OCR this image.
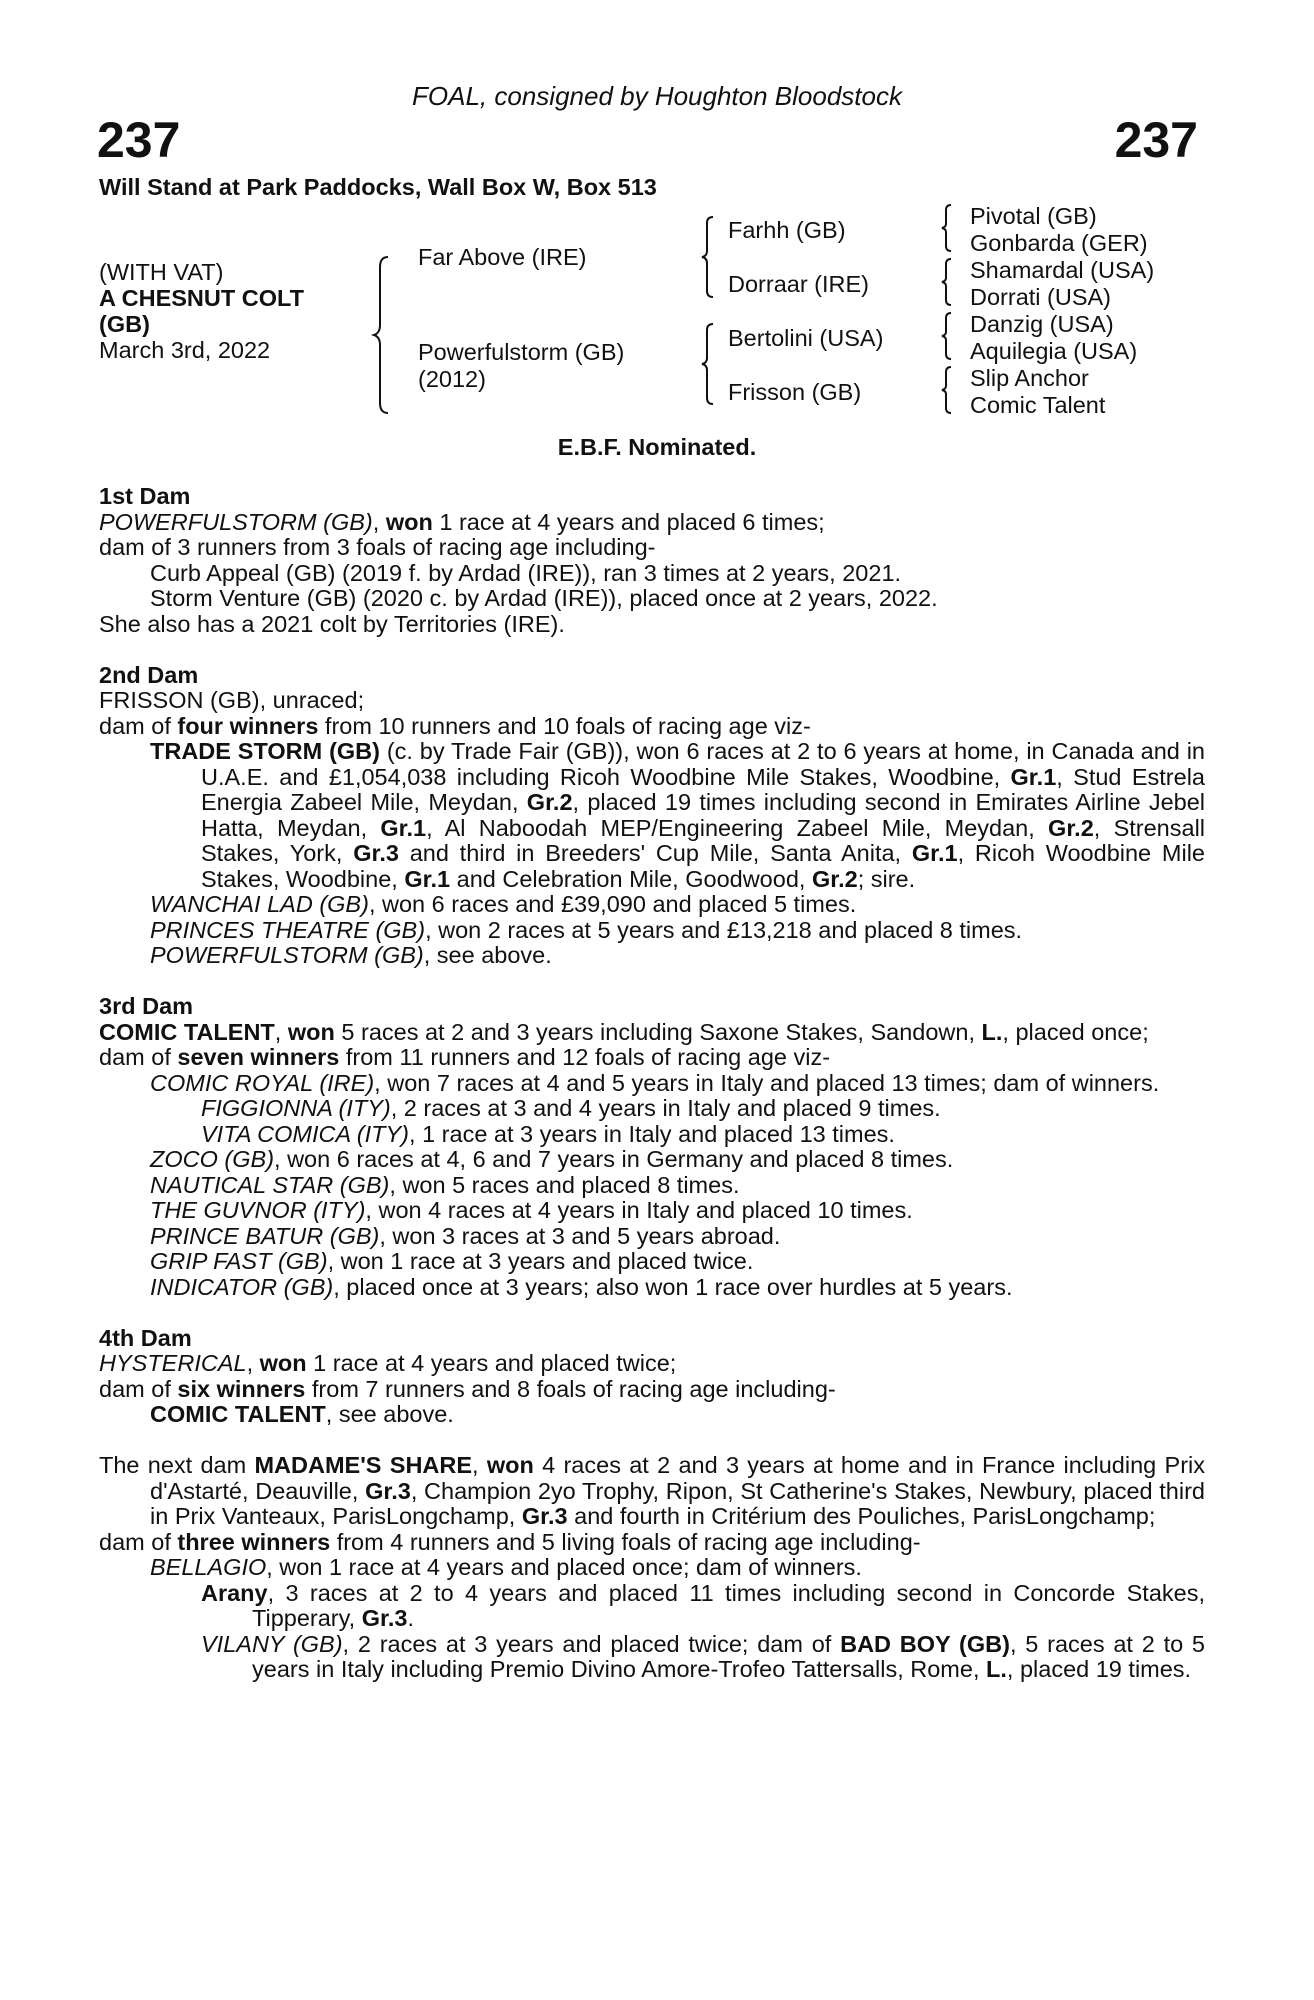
FOAL, consigned by Houghton Bloodstock
237	237
Will Stand at Park Paddocks, Wall Box W, Box 513
(WITH VAT)
A CHESNUT COLT
(GB)
March 3rd, 2022
Far Above (IRE)
Powerfulstorm (GB)
(2012)
Farhh (GB)
Dorraar (IRE)
Bertolini (USA)
Frisson (GB)
Pivotal (GB)
Gonbarda (GER)
Shamardal (USA)
Dorrati (USA)
Danzig (USA)
Aquilegia (USA)
Slip Anchor
Comic Talent
E.B.F. Nominated.

1st Dam

POWERFULSTORM (GB), won 1 race at 4 years and placed 6 times;

dam of 3 runners from 3 foals of racing age including-

Curb Appeal (GB) (2019 f. by Ardad (IRE)), ran 3 times at 2 years, 2021.

Storm Venture (GB) (2020 c. by Ardad (IRE)), placed once at 2 years, 2022.

She also has a 2021 colt by Territories (IRE).

2nd Dam

FRISSON (GB), unraced;

dam of four winners from 10 runners and 10 foals of racing age viz-

TRADE STORM (GB) (c. by Trade Fair (GB)), won 6 races at 2 to 6 years at home, in Canada and in U.A.E. and £1,054,038 including Ricoh Woodbine Mile Stakes, Woodbine, Gr.1, Stud Estrela Energia Zabeel Mile, Meydan, Gr.2, placed 19 times including second in Emirates Airline Jebel Hatta, Meydan, Gr.1, Al Naboodah MEP/Engineering Zabeel Mile, Meydan, Gr.2, Strensall Stakes, York, Gr.3 and third in Breeders' Cup Mile, Santa Anita, Gr.1, Ricoh Woodbine Mile Stakes, Woodbine, Gr.1 and Celebration Mile, Goodwood, Gr.2; sire.

WANCHAI LAD (GB), won 6 races and £39,090 and placed 5 times.

PRINCES THEATRE (GB), won 2 races at 5 years and £13,218 and placed 8 times.

POWERFULSTORM (GB), see above.

3rd Dam

COMIC TALENT, won 5 races at 2 and 3 years including Saxone Stakes, Sandown, L., placed once;

dam of seven winners from 11 runners and 12 foals of racing age viz-

COMIC ROYAL (IRE), won 7 races at 4 and 5 years in Italy and placed 13 times; dam of winners.

FIGGIONNA (ITY), 2 races at 3 and 4 years in Italy and placed 9 times.

VITA COMICA (ITY), 1 race at 3 years in Italy and placed 13 times.

ZOCO (GB), won 6 races at 4, 6 and 7 years in Germany and placed 8 times.

NAUTICAL STAR (GB), won 5 races and placed 8 times.

THE GUVNOR (ITY), won 4 races at 4 years in Italy and placed 10 times.

PRINCE BATUR (GB), won 3 races at 3 and 5 years abroad.

GRIP FAST (GB), won 1 race at 3 years and placed twice.

INDICATOR (GB), placed once at 3 years; also won 1 race over hurdles at 5 years.

4th Dam

HYSTERICAL, won 1 race at 4 years and placed twice;

dam of six winners from 7 runners and 8 foals of racing age including-

COMIC TALENT, see above.

The next dam MADAME'S SHARE, won 4 races at 2 and 3 years at home and in France including Prix d'Astarté, Deauville, Gr.3, Champion 2yo Trophy, Ripon, St Catherine's Stakes, Newbury, placed third in Prix Vanteaux, ParisLongchamp, Gr.3 and fourth in Critérium des Pouliches, ParisLongchamp;

dam of three winners from 4 runners and 5 living foals of racing age including-

BELLAGIO, won 1 race at 4 years and placed once; dam of winners.

Arany, 3 races at 2 to 4 years and placed 11 times including second in Concorde Stakes, Tipperary, Gr.3.

VILANY (GB), 2 races at 3 years and placed twice; dam of BAD BOY (GB), 5 races at 2 to 5 years in Italy including Premio Divino Amore-Trofeo Tattersalls, Rome, L., placed 19 times.
